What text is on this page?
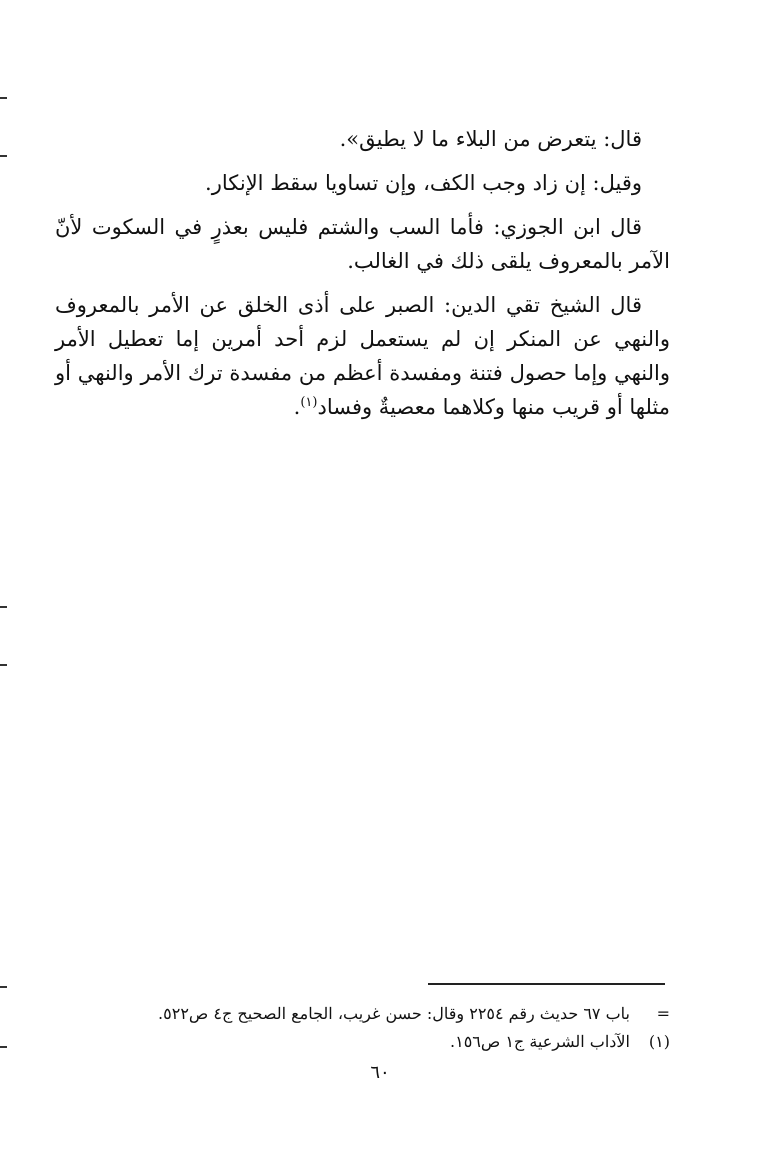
قال: يتعرض من البلاء ما لا يطيق».

وقيل: إن زاد وجب الكف، وإن تساويا سقط الإنكار.

قال ابن الجوزي: فأما السب والشتم فليس بعذرٍ في السكوت لأنّ الآمر بالمعروف يلقى ذلك في الغالب.

قال الشيخ تقي الدين: الصبر على أذى الخلق عن الأمر بالمعروف والنهي عن المنكر إن لم يستعمل لزم أحد أمرين إما تعطيل الأمر والنهي وإما حصول فتنة ومفسدة أعظم من مفسدة ترك الأمر والنهي أو مثلها أو قريب منها وكلاهما معصيةٌ وفساد$^{(١)}$.

=
باب ٦٧ حديث رقم ٢٢٥٤ وقال: حسن غريب، الجامع الصحيح ج٤ ص٥٢٢.
(١)
الآداب الشرعية ج١ ص١٥٦.
٦٠
